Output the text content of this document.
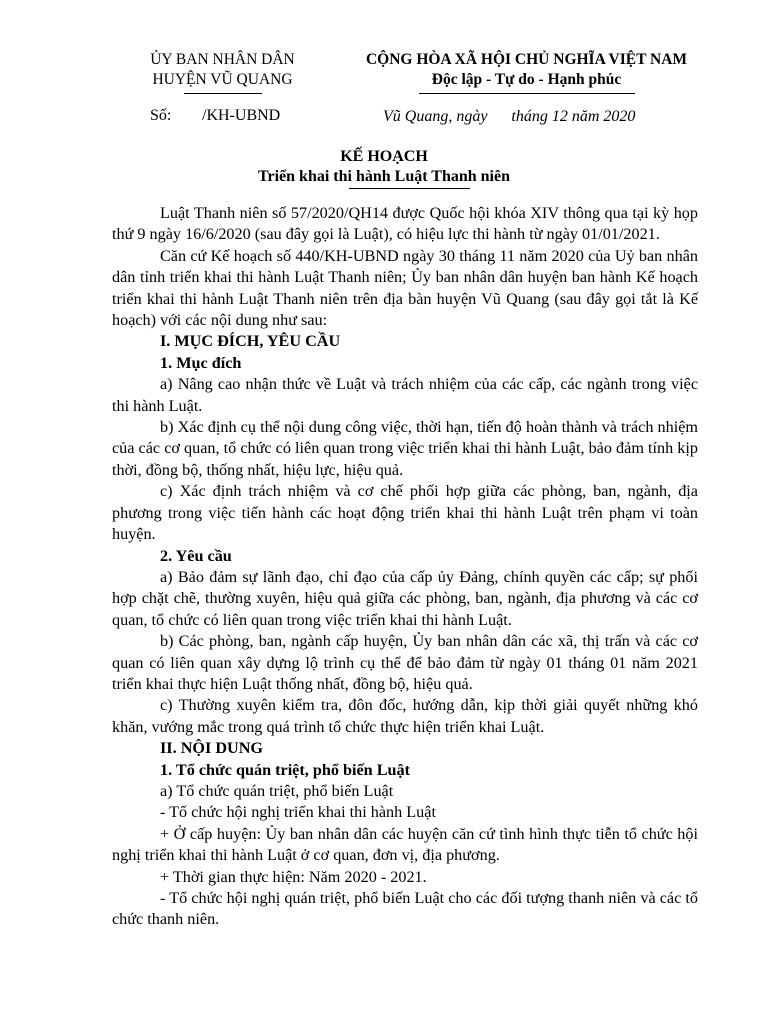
ỦY BAN NHÂN DÂN
HUYỆN VŨ QUANG
CỘNG HÒA XÃ HỘI CHỦ NGHĨA VIỆT NAM
Độc lập - Tự do - Hạnh phúc
Số: /KH-UBND	Vũ Quang, ngày      tháng 12 năm 2020
KẾ HOẠCH
Triển khai thi hành Luật Thanh niên

Luật Thanh niên số 57/2020/QH14 được Quốc hội khóa XIV thông qua tại kỳ họp thứ 9 ngày 16/6/2020 (sau đây gọi là Luật), có hiệu lực thi hành từ ngày 01/01/2021.

Căn cứ Kế hoạch số 440/KH-UBND ngày 30 tháng 11 năm 2020 của Uỷ ban nhân dân tỉnh triển khai thi hành Luật Thanh niên; Ủy ban nhân dân huyện ban hành Kế hoạch triển khai thi hành Luật Thanh niên trên địa bàn huyện Vũ Quang (sau đây gọi tắt là Kế hoạch) với các nội dung như sau:

I. MỤC ĐÍCH, YÊU CẦU

1. Mục đích

a) Nâng cao nhận thức về Luật và trách nhiệm của các cấp, các ngành trong việc thi hành Luật.

b) Xác định cụ thể nội dung công việc, thời hạn, tiến độ hoàn thành và trách nhiệm của các cơ quan, tổ chức có liên quan trong việc triển khai thi hành Luật, bảo đảm tính kịp thời, đồng bộ, thống nhất, hiệu lực, hiệu quả.

c) Xác định trách nhiệm và cơ chế phối hợp giữa các phòng, ban, ngành, địa phương trong việc tiến hành các hoạt động triển khai thi hành Luật trên phạm vi toàn huyện.

2. Yêu cầu

a) Bảo đảm sự lãnh đạo, chỉ đạo của cấp ủy Đảng, chính quyền các cấp; sự phối hợp chặt chẽ, thường xuyên, hiệu quả giữa các phòng, ban, ngành, địa phương và các cơ quan, tổ chức có liên quan trong việc triển khai thi hành Luật.

b) Các phòng, ban, ngành cấp huyện, Ủy ban nhân dân các xã, thị trấn và các cơ quan có liên quan xây dựng lộ trình cụ thể để bảo đảm từ ngày 01 tháng 01 năm 2021 triển khai thực hiện Luật thống nhất, đồng bộ, hiệu quả.

c) Thường xuyên kiểm tra, đôn đốc, hướng dẫn, kịp thời giải quyết những khó khăn, vướng mắc trong quá trình tổ chức thực hiện triển khai Luật.

II. NỘI DUNG

1. Tổ chức quán triệt, phổ biến Luật

a) Tổ chức quán triệt, phổ biến Luật

- Tổ chức hội nghị triển khai thi hành Luật

+ Ở cấp huyện: Ủy ban nhân dân các huyện căn cứ tình hình thực tiễn tổ chức hội nghị triển khai thi hành Luật ở cơ quan, đơn vị, địa phương.

+ Thời gian thực hiện: Năm 2020 - 2021.

- Tổ chức hội nghị quán triệt, phổ biến Luật cho các đối tượng thanh niên và các tổ chức thanh niên.
